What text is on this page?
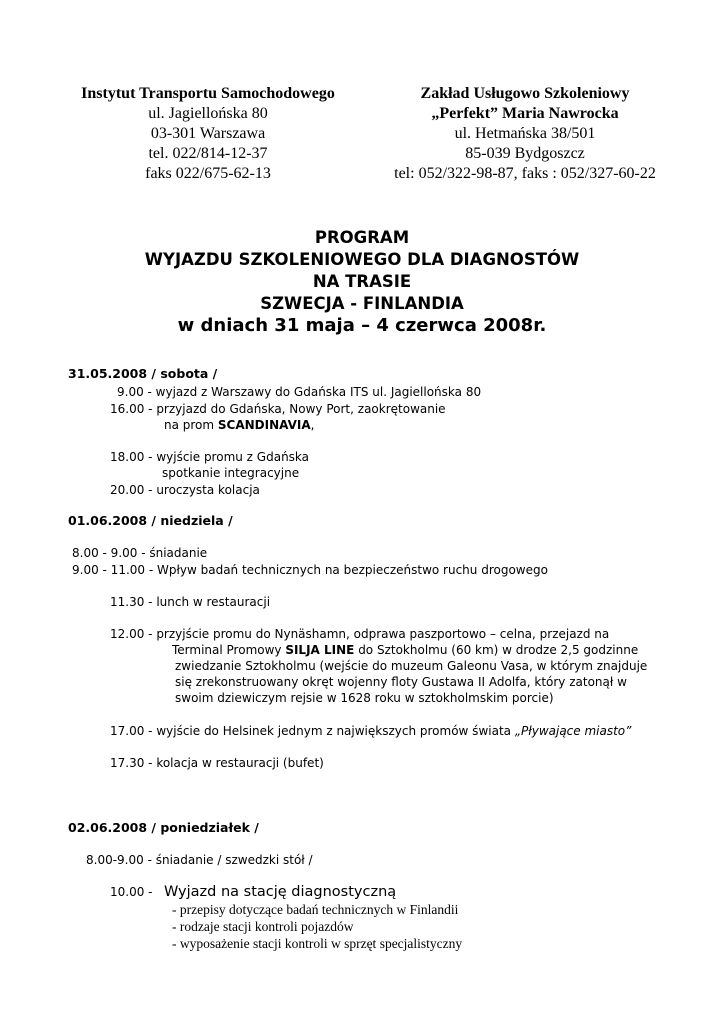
Instytut Transportu Samochodowego
ul. Jagiellońska 80
03-301 Warszawa
tel. 022/814-12-37
faks 022/675-62-13
Zakład Usługowo Szkoleniowy
„Perfekt” Maria Nawrocka
ul. Hetmańska 38/501
85-039 Bydgoszcz
tel: 052/322-98-87, faks : 052/327-60-22
PROGRAM
WYJAZDU SZKOLENIOWEGO DLA DIAGNOSTÓW
NA TRASIE
SZWECJA - FINLANDIA
w dniach 31 maja – 4 czerwca 2008r.
31.05.2008 / sobota /
9.00 - wyjazd z Warszawy do Gdańska ITS ul. Jagiellońska 80
16.00 - przyjazd do Gdańska, Nowy Port, zaokrętowanie
na prom SCANDINAVIA,
18.00 - wyjście promu z Gdańska
spotkanie integracyjne
20.00 - uroczysta kolacja
01.06.2008 / niedziela /
8.00 - 9.00 - śniadanie
9.00 - 11.00 - Wpływ badań technicznych na bezpieczeństwo ruchu drogowego
11.30 - lunch w restauracji
12.00 - przyjście promu do Nynäshamn, odprawa paszportowo – celna, przejazd na
Terminal Promowy SILJA LINE do Sztokholmu (60 km) w drodze 2,5 godzinne
zwiedzanie Sztokholmu (wejście do muzeum Galeonu Vasa, w którym znajduje
się zrekonstruowany okręt wojenny floty Gustawa II Adolfa, który zatonął w
swoim dziewiczym rejsie w 1628 roku w sztokholmskim porcie)
17.00 - wyjście do Helsinek jednym z największych promów świata „Pływające miasto”
17.30 - kolacja w restauracji (bufet)
02.06.2008 / poniedziałek /
8.00-9.00 - śniadanie / szwedzki stół /
10.00 - Wyjazd na stację diagnostyczną
- przepisy dotyczące badań technicznych w Finlandii
- rodzaje stacji kontroli pojazdów
- wyposażenie stacji kontroli w sprzęt specjalistyczny
